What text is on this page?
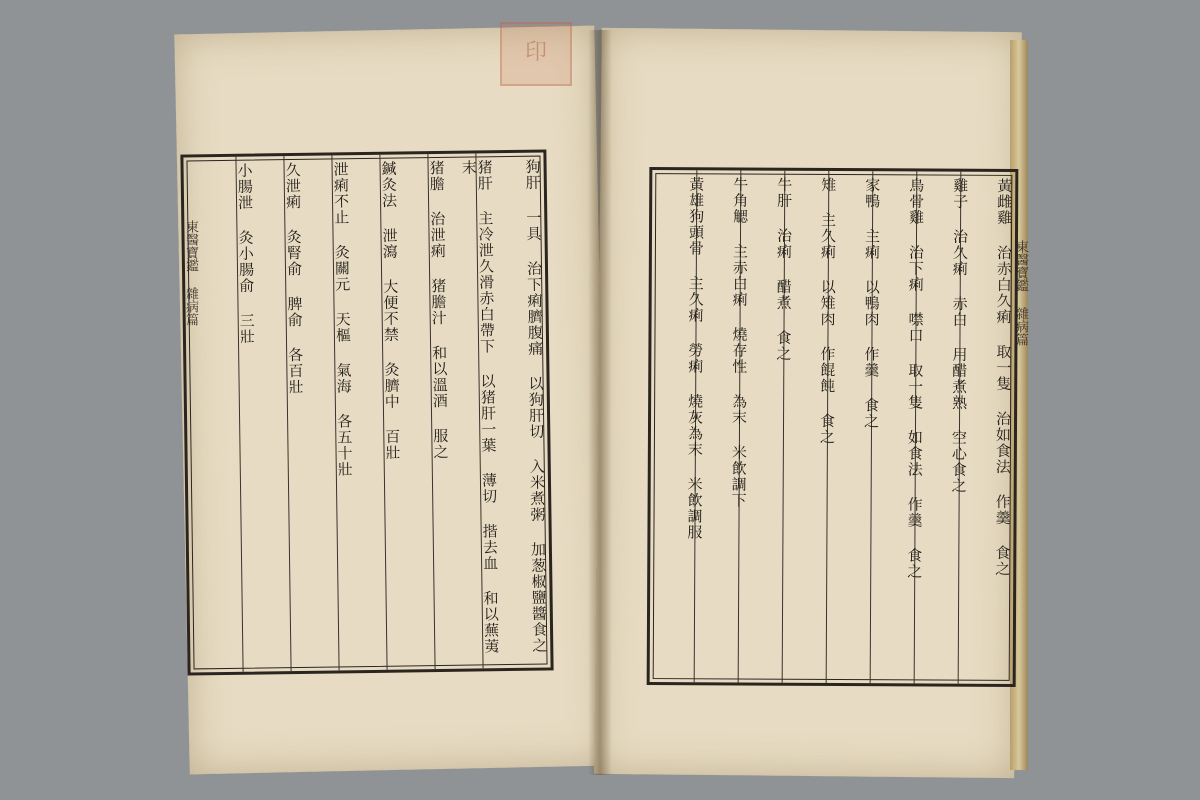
印
東醫寶鑑 雜病篇	東醫寶鑑 雜病篇
狗肝 一具 治下痢臍腹痛 以狗肝切 入米煮粥 加葱椒鹽醬食之
猪肝 主冷泄久滑赤白帶下 以猪肝一葉 薄切 揩去血 和以蕪荑末
猪膽 治泄痢 猪膽汁 和以溫酒 服之
鍼灸法 泄瀉 大便不禁 灸臍中 百壯
泄痢不止 灸關元 天樞 氣海 各五十壯
久泄痢 灸腎俞 脾俞 各百壯
小腸泄 灸小腸俞 三壯	黃雌雞 治赤白久痢 取一隻 治如食法 作羹 食之
雞子 治久痢 赤白 用醋煮熟 空心食之
烏骨雞 治下痢 噤口 取一隻 如食法 作羹 食之
家鴨 主痢 以鴨肉 作羹 食之
雉 主久痢 以雉肉 作餛飩 食之
牛肝 治痢 醋煮 食之
牛角䚡 主赤白痢 燒存性 為末 米飲調下
黃雄狗頭骨 主久痢 勞痢 燒灰為末 米飲調服
